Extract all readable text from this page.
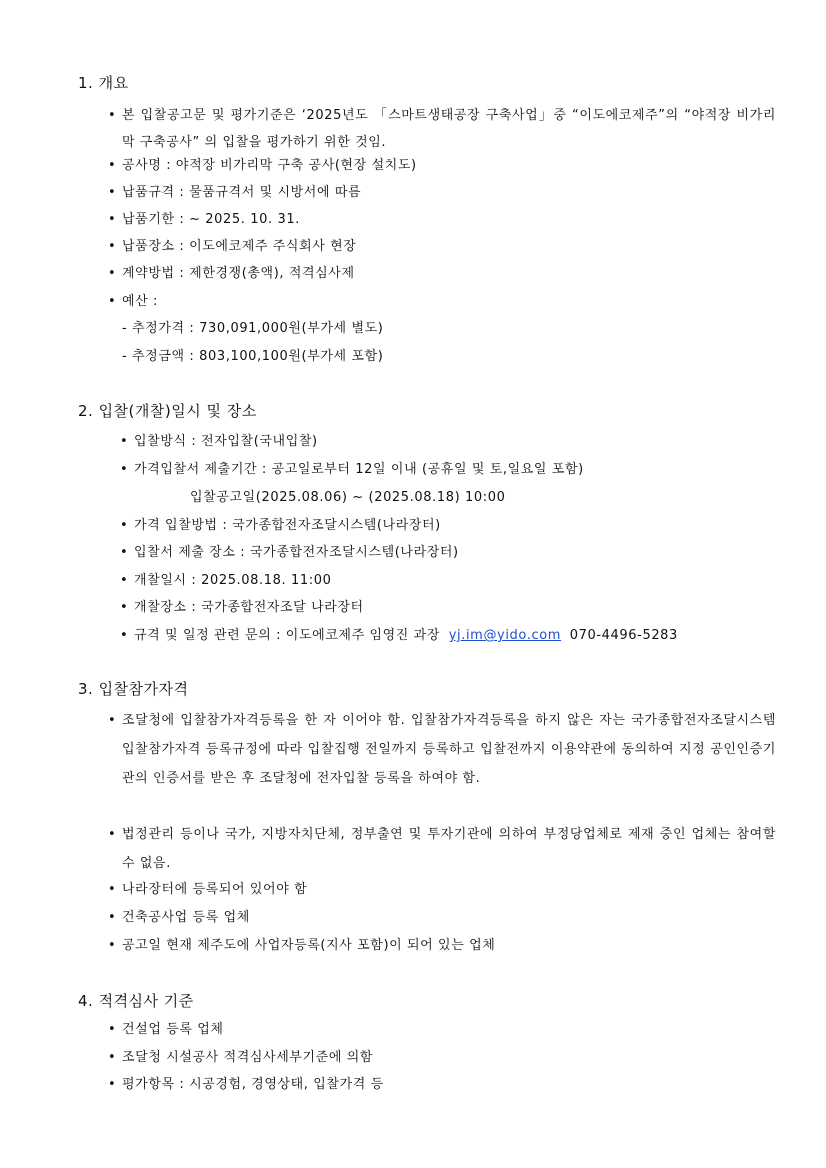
1. 개요
• 본 입찰공고문 및 평가기준은 ‘2025년도 「스마트생태공장 구축사업」중 “이도에코제주”의 “야적장 비가리막 구축공사” 의 입찰을 평가하기 위한 것임.
• 공사명 : 야적장 비가리막 구축 공사(현장 설치도)
• 납품규격 : 물품규격서 및 시방서에 따름
• 납품기한 : ~ 2025. 10. 31.
• 납품장소 : 이도에코제주 주식회사 현장
• 계약방법 : 제한경쟁(총액), 적격심사제
• 예산 :
- 추정가격 : 730,091,000원(부가세 별도)
- 추정금액 : 803,100,100원(부가세 포함)
2. 입찰(개찰)일시 및 장소
• 입찰방식 : 전자입찰(국내입찰)
• 가격입찰서 제출기간 : 공고일로부터 12일 이내 (공휴일 및 토,일요일 포함)
입찰공고일(2025.08.06) ~ (2025.08.18) 10:00
• 가격 입찰방법 : 국가종합전자조달시스템(나라장터)
• 입찰서 제출 장소 : 국가종합전자조달시스템(나라장터)
• 개찰일시 : 2025.08.18. 11:00
• 개찰장소 : 국가종합전자조달 나라장터
• 규격 및 일정 관련 문의 : 이도에코제주 임영진 과장 yj.im@yido.com 070-4496-5283
3. 입찰참가자격
• 조달청에 입찰참가자격등록을 한 자 이어야 함. 입찰참가자격등록을 하지 않은 자는 국가종합전자조달시스템 입찰참가자격 등록규정에 따라 입찰집행 전일까지 등록하고 입찰전까지 이용약관에 동의하여 지정 공인인증기관의 인증서를 받은 후 조달청에 전자입찰 등록을 하여야 함.
• 법정관리 등이나 국가, 지방자치단체, 정부출연 및 투자기관에 의하여 부정당업체로 제재 중인 업체는 참여할 수 없음.
• 나라장터에 등록되어 있어야 함
• 건축공사업 등록 업체
• 공고일 현재 제주도에 사업자등록(지사 포함)이 되어 있는 업체
4. 적격심사 기준
• 건설업 등록 업체
• 조달청 시설공사 적격심사세부기준에 의함
• 평가항목 : 시공경험, 경영상태, 입찰가격 등
